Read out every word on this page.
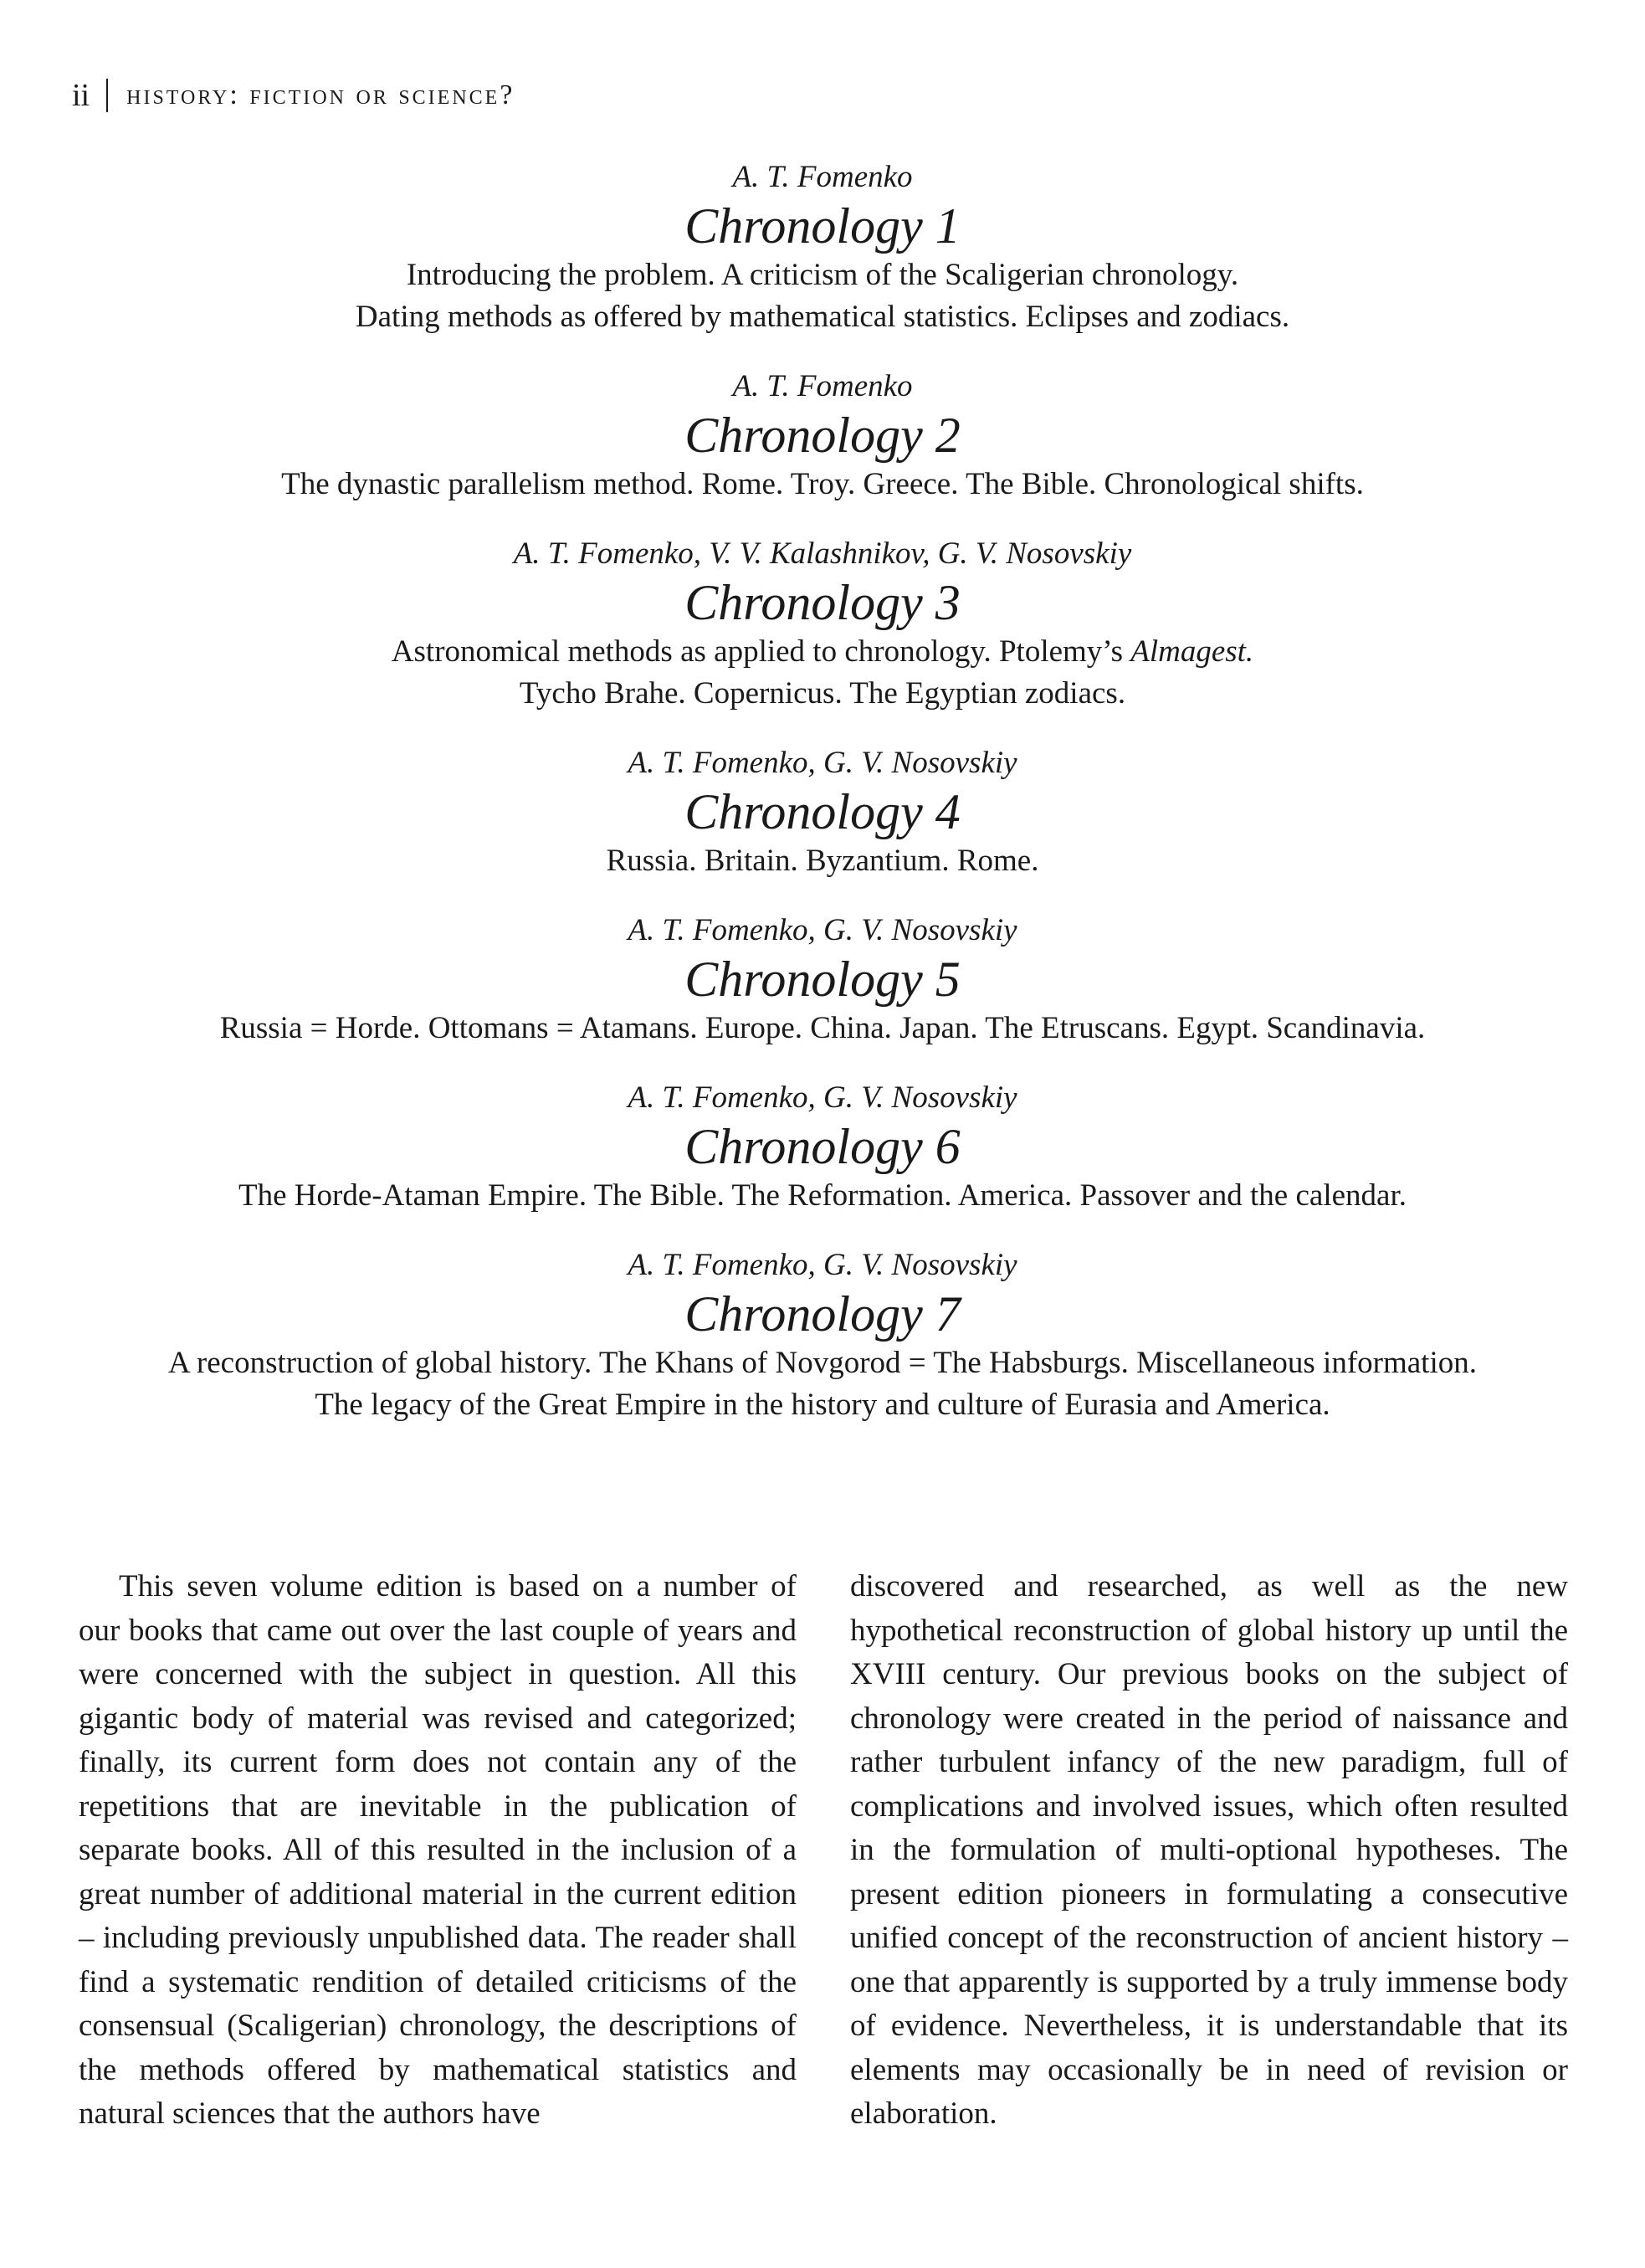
ii history: fiction or science?
A. T. Fomenko
Chronology 1
Introducing the problem. A criticism of the Scaligerian chronology.
Dating methods as offered by mathematical statistics. Eclipses and zodiacs.
A. T. Fomenko
Chronology 2
The dynastic parallelism method. Rome. Troy. Greece. The Bible. Chronological shifts.
A. T. Fomenko, V. V. Kalashnikov, G. V. Nosovskiy
Chronology 3
Astronomical methods as applied to chronology. Ptolemy’s Almagest.
Tycho Brahe. Copernicus. The Egyptian zodiacs.
A. T. Fomenko, G. V. Nosovskiy
Chronology 4
Russia. Britain. Byzantium. Rome.
A. T. Fomenko, G. V. Nosovskiy
Chronology 5
Russia = Horde. Ottomans = Atamans. Europe. China. Japan. The Etruscans. Egypt. Scandinavia.
A. T. Fomenko, G. V. Nosovskiy
Chronology 6
The Horde-Ataman Empire. The Bible. The Reformation. America. Passover and the calendar.
A. T. Fomenko, G. V. Nosovskiy
Chronology 7
A reconstruction of global history. The Khans of Novgorod = The Habsburgs. Miscellaneous information.
The legacy of the Great Empire in the history and culture of Eurasia and America.

This seven volume edition is based on a number of our books that came out over the last couple of years and were concerned with the subject in question. All this gigantic body of material was revised and categorized; finally, its current form does not contain any of the repetitions that are inevitable in the publication of separate books. All of this resulted in the inclusion of a great number of additional material in the current edition – including previously unpublished data. The reader shall find a systematic rendition of detailed criticisms of the consensual (Scaligerian) chronology, the descriptions of the methods offered by mathematical statistics and natural sciences that the authors have

discovered and researched, as well as the new hypothetical reconstruction of global history up until the XVIII century. Our previous books on the subject of chronology were created in the period of naissance and rather turbulent infancy of the new paradigm, full of complications and involved issues, which often resulted in the formulation of multi-optional hypotheses. The present edition pioneers in formulating a consecutive unified concept of the reconstruction of ancient history – one that apparently is supported by a truly immense body of evidence. Nevertheless, it is understandable that its elements may occasionally be in need of revision or elaboration.
